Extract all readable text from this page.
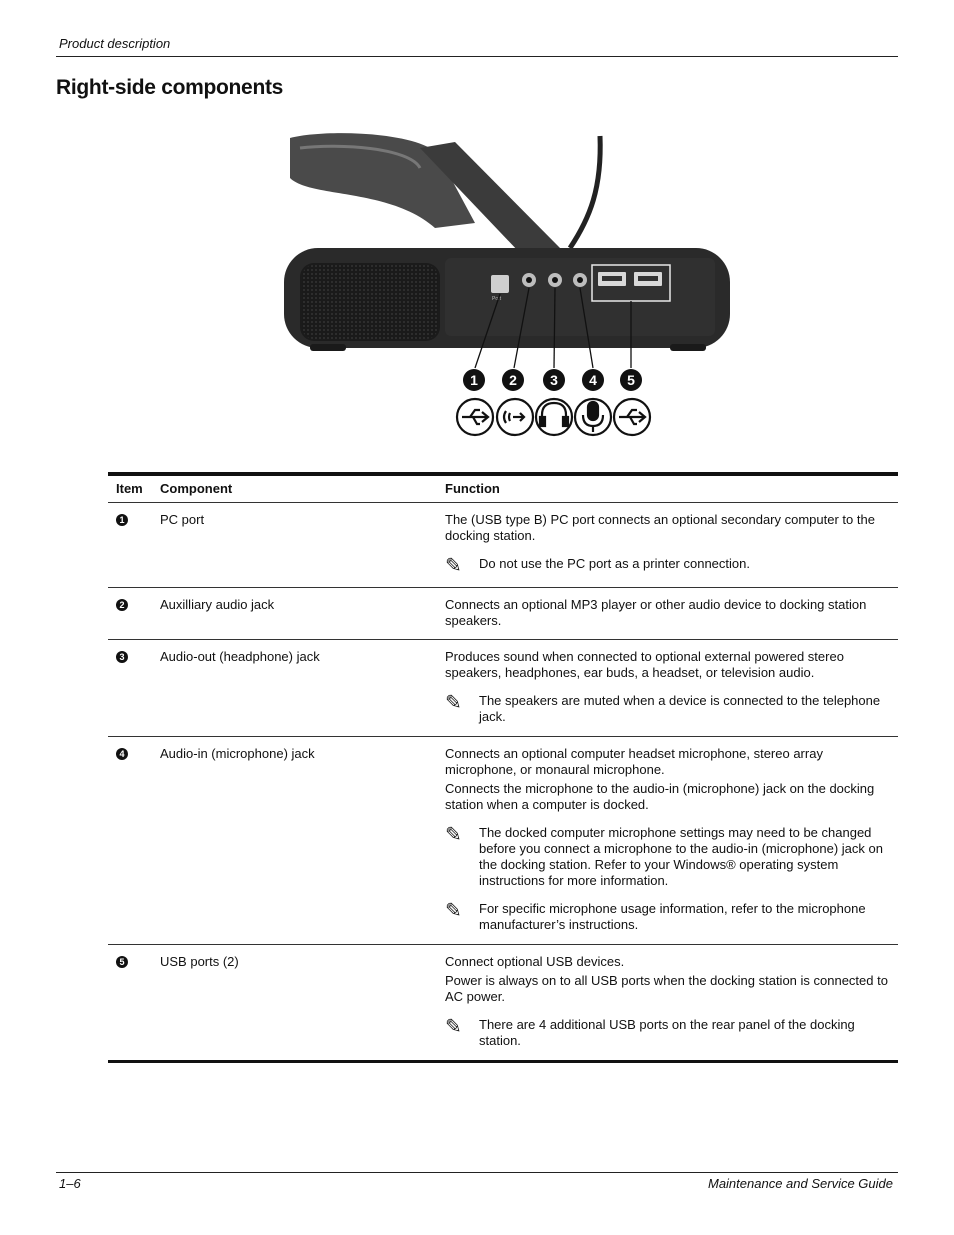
Product description
Right-side components
Port
1 2 3 4 5
Item	Component	Function
1	PC port	The (USB type B) PC port connects an optional secondary computer to the docking station.
✎	Do not use the PC port as a printer connection.
2	Auxilliary audio jack	Connects an optional MP3 player or other audio device to docking station speakers.
3	Audio-out (headphone) jack	Produces sound when connected to optional external powered stereo speakers, headphones, ear buds, a headset, or television audio.
✎	The speakers are muted when a device is connected to the telephone jack.
4	Audio-in (microphone) jack	Connects an optional computer headset microphone, stereo array microphone, or monaural microphone.
Connects the microphone to the audio-in (microphone) jack on the docking station when a computer is docked.
✎	The docked computer microphone settings may need to be changed before you connect a microphone to the audio-in (microphone) jack on the docking station. Refer to your Windows® operating system instructions for more information.
✎	For specific microphone usage information, refer to the microphone manufacturer’s instructions.
5	USB ports (2)	Connect optional USB devices.
Power is always on to all USB ports when the docking station is connected to AC power.
✎	There are 4 additional USB ports on the rear panel of the docking station.
1–6	Maintenance and Service Guide
